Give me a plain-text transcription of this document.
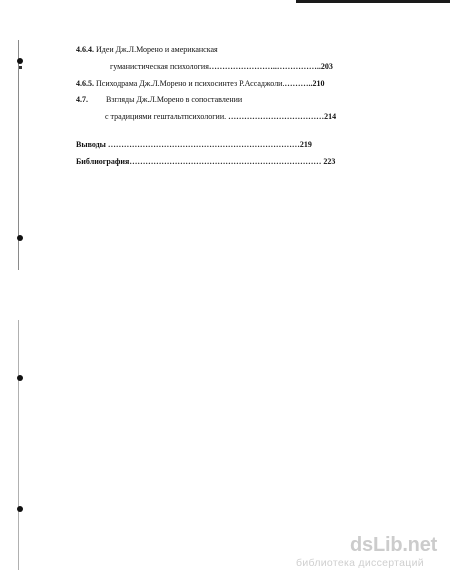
4.6.4. Идеи Дж.Л.Морено и американская
гуманистическая психология……………………..……………..203
4.6.5. Психодрама Дж.Л.Морено и психосинтез Р.Ассаджоли.………..210
4.7. Взгляды Дж.Л.Морено в сопоставлении
с традициями гештальтпсихологии. ………………………………214
Выводы ………………………………………………………………219
Библиография……………………………………………………………… 223
dsLib.net
библиотека диссертаций
